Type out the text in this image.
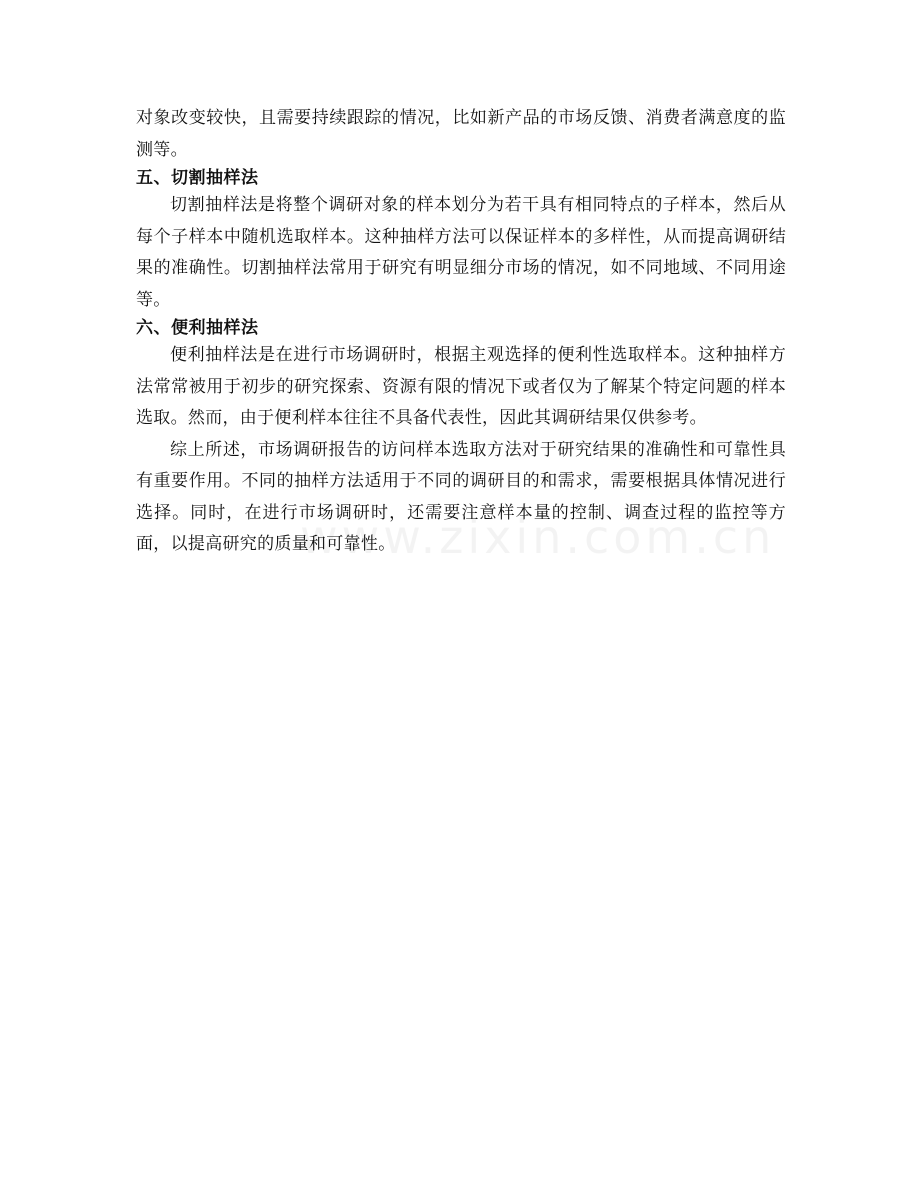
对象改变较快，且需要持续跟踪的情况，比如新产品的市场反馈、消费者满意度的监测等。

五、切割抽样法

切割抽样法是将整个调研对象的样本划分为若干具有相同特点的子样本，然后从每个子样本中随机选取样本。这种抽样方法可以保证样本的多样性，从而提高调研结果的准确性。切割抽样法常用于研究有明显细分市场的情况，如不同地域、不同用途等。

六、便利抽样法

便利抽样法是在进行市场调研时，根据主观选择的便利性选取样本。这种抽样方法常常被用于初步的研究探索、资源有限的情况下或者仅为了解某个特定问题的样本选取。然而，由于便利样本往往不具备代表性，因此其调研结果仅供参考。

综上所述，市场调研报告的访问样本选取方法对于研究结果的准确性和可靠性具有重要作用。不同的抽样方法适用于不同的调研目的和需求，需要根据具体情况进行选择。同时，在进行市场调研时，还需要注意样本量的控制、调查过程的监控等方面，以提高研究的质量和可靠性。
